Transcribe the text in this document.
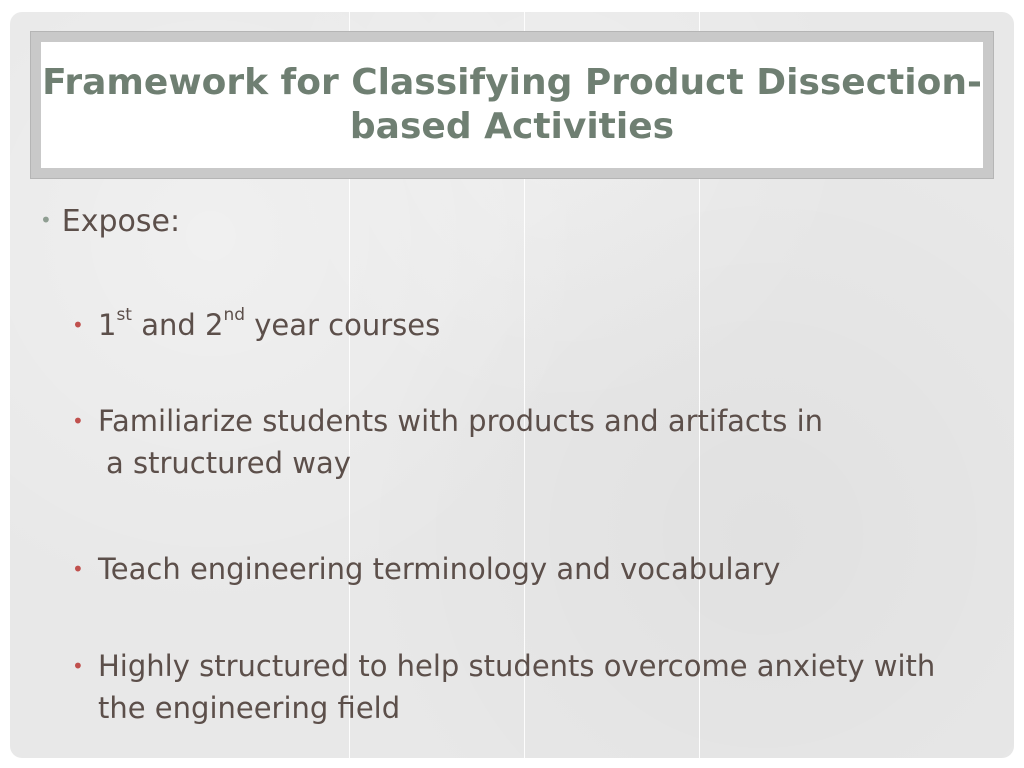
Framework for Classifying Product Dissection-based Activities
• Expose:
• 1st and 2nd year courses
• Familiarize students with products and artifacts in
a structured way
• Teach engineering terminology and vocabulary
• Highly structured to help students overcome anxiety with the engineering field
